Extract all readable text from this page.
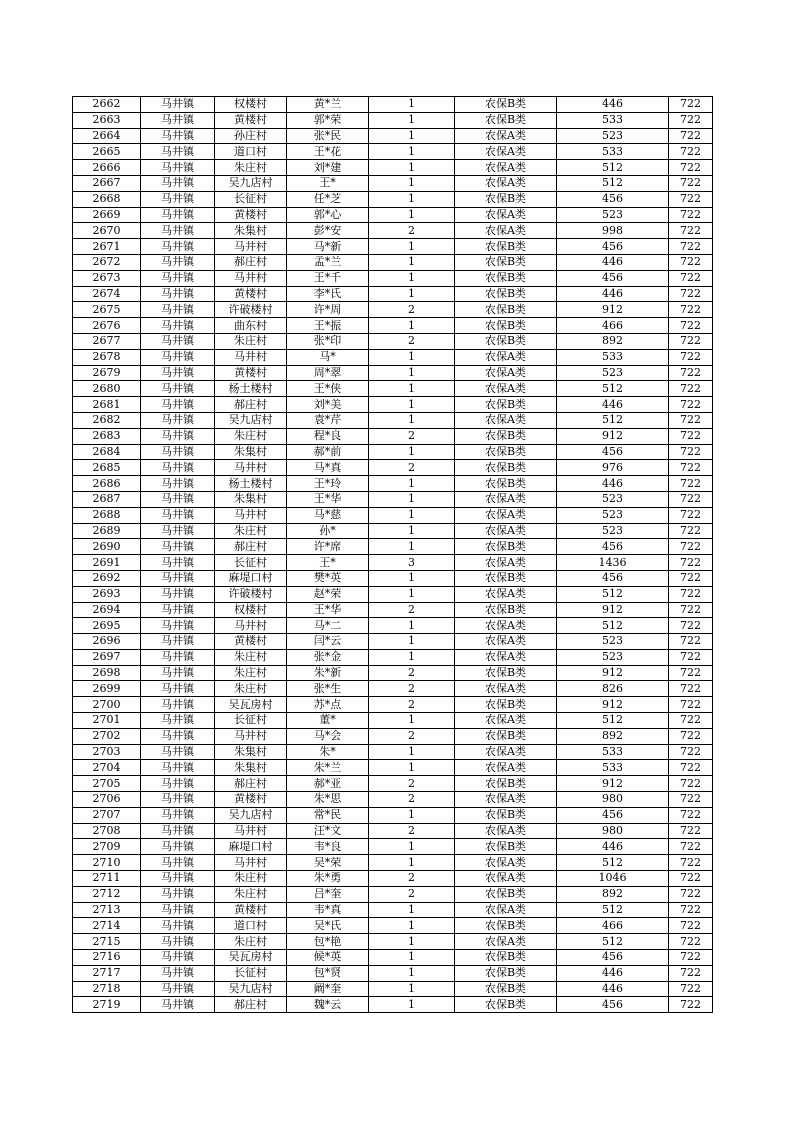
2662	马井镇	权楼村	黄*兰	1	农保B类	446	722
2663	马井镇	黄楼村	郭*荣	1	农保B类	533	722
2664	马井镇	孙庄村	张*民	1	农保A类	523	722
2665	马井镇	道口村	王*花	1	农保A类	533	722
2666	马井镇	朱庄村	刘*建	1	农保A类	512	722
2667	马井镇	吴九店村	王*	1	农保A类	512	722
2668	马井镇	长征村	任*芝	1	农保B类	456	722
2669	马井镇	黄楼村	郭*心	1	农保A类	523	722
2670	马井镇	朱集村	彭*安	2	农保A类	998	722
2671	马井镇	马井村	马*新	1	农保B类	456	722
2672	马井镇	郝庄村	孟*兰	1	农保B类	446	722
2673	马井镇	马井村	王*千	1	农保B类	456	722
2674	马井镇	黄楼村	李*氏	1	农保B类	446	722
2675	马井镇	许破楼村	许*周	2	农保B类	912	722
2676	马井镇	曲东村	王*振	1	农保B类	466	722
2677	马井镇	朱庄村	张*印	2	农保B类	892	722
2678	马井镇	马井村	马*	1	农保A类	533	722
2679	马井镇	黄楼村	周*翠	1	农保A类	523	722
2680	马井镇	杨土楼村	王*侠	1	农保A类	512	722
2681	马井镇	郝庄村	刘*美	1	农保B类	446	722
2682	马井镇	吴九店村	袁*芹	1	农保A类	512	722
2683	马井镇	朱庄村	程*良	2	农保B类	912	722
2684	马井镇	朱集村	郝*前	1	农保B类	456	722
2685	马井镇	马井村	马*真	2	农保B类	976	722
2686	马井镇	杨土楼村	王*玲	1	农保B类	446	722
2687	马井镇	朱集村	王*华	1	农保A类	523	722
2688	马井镇	马井村	马*慈	1	农保A类	523	722
2689	马井镇	朱庄村	孙*	1	农保A类	523	722
2690	马井镇	郝庄村	许*席	1	农保B类	456	722
2691	马井镇	长征村	王*	3	农保A类	1436	722
2692	马井镇	麻堤口村	樊*英	1	农保B类	456	722
2693	马井镇	许破楼村	赵*荣	1	农保A类	512	722
2694	马井镇	权楼村	王*华	2	农保B类	912	722
2695	马井镇	马井村	马*二	1	农保A类	512	722
2696	马井镇	黄楼村	闫*云	1	农保A类	523	722
2697	马井镇	朱庄村	张*金	1	农保A类	523	722
2698	马井镇	朱庄村	朱*新	2	农保B类	912	722
2699	马井镇	朱庄村	张*生	2	农保A类	826	722
2700	马井镇	吴瓦房村	苏*点	2	农保B类	912	722
2701	马井镇	长征村	董*	1	农保A类	512	722
2702	马井镇	马井村	马*会	2	农保B类	892	722
2703	马井镇	朱集村	朱*	1	农保A类	533	722
2704	马井镇	朱集村	朱*兰	1	农保A类	533	722
2705	马井镇	郝庄村	郝*亚	2	农保B类	912	722
2706	马井镇	黄楼村	朱*思	2	农保A类	980	722
2707	马井镇	吴九店村	常*民	1	农保B类	456	722
2708	马井镇	马井村	汪*文	2	农保A类	980	722
2709	马井镇	麻堤口村	韦*良	1	农保B类	446	722
2710	马井镇	马井村	吴*荣	1	农保A类	512	722
2711	马井镇	朱庄村	朱*勇	2	农保A类	1046	722
2712	马井镇	朱庄村	吕*奎	2	农保B类	892	722
2713	马井镇	黄楼村	韦*真	1	农保A类	512	722
2714	马井镇	道口村	吴*氏	1	农保B类	466	722
2715	马井镇	朱庄村	包*艳	1	农保A类	512	722
2716	马井镇	吴瓦房村	候*英	1	农保B类	456	722
2717	马井镇	长征村	包*贤	1	农保B类	446	722
2718	马井镇	吴九店村	阚*奎	1	农保B类	446	722
2719	马井镇	郝庄村	魏*云	1	农保B类	456	722
